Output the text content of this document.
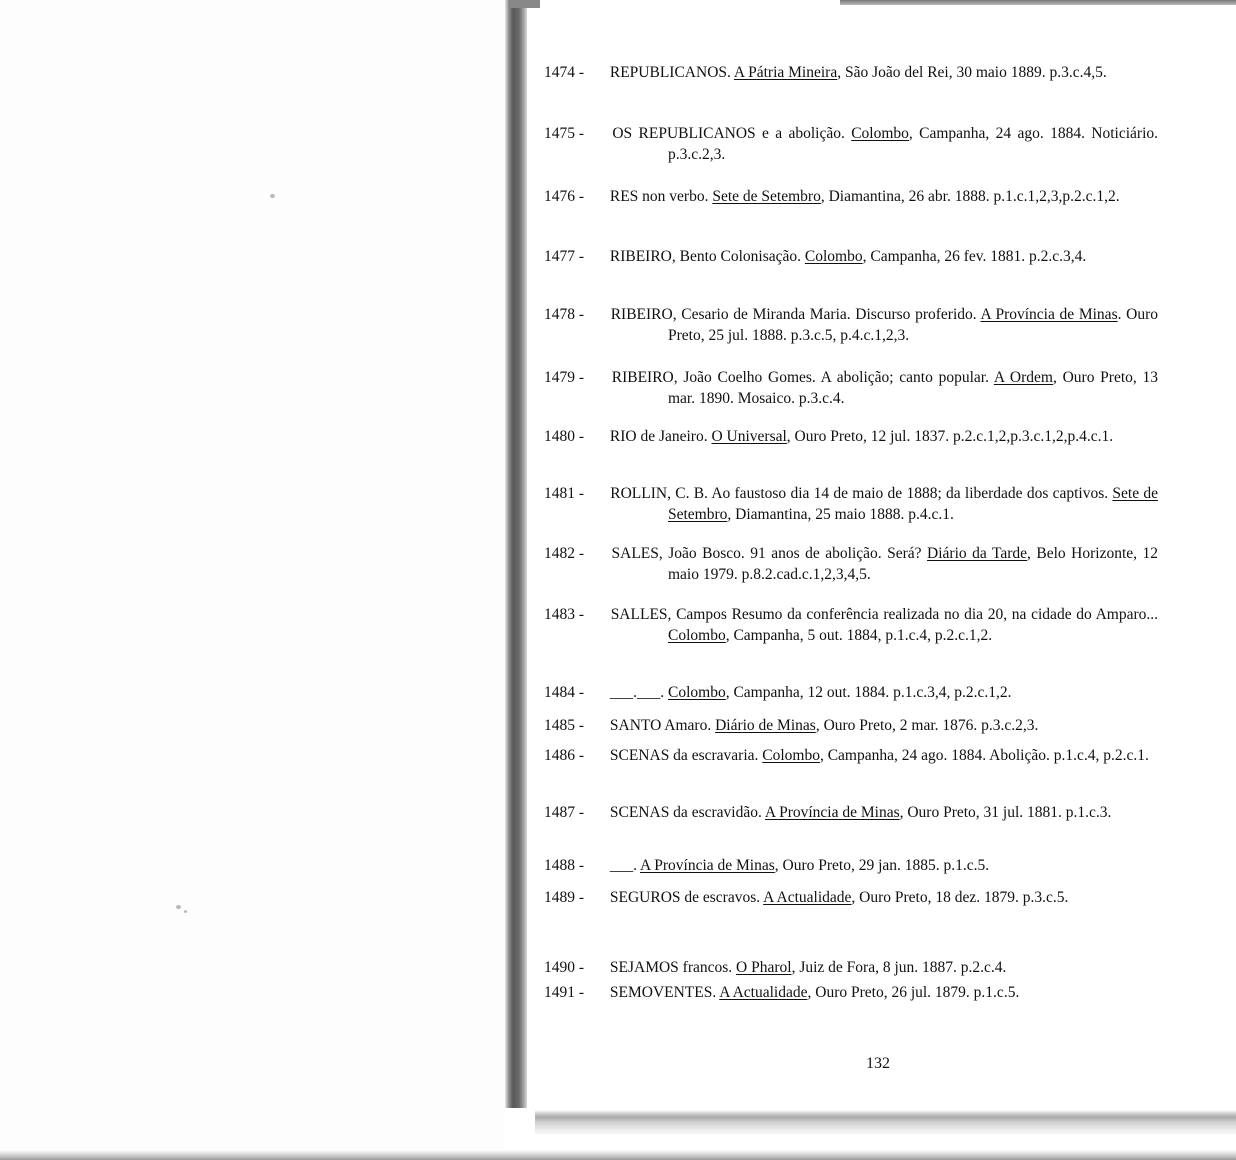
1474 - REPUBLICANOS. A Pátria Mineira, São João del Rei, 30 maio 1889. p.3.c.4,5.
1475 - OS REPUBLICANOS e a abolição. Colombo, Campanha, 24 ago. 1884. Noticiário. p.3.c.2,3.
1476 - RES non verbo. Sete de Setembro, Diamantina, 26 abr. 1888. p.1.c.1,2,3,p.2.c.1,2.
1477 - RIBEIRO, Bento Colonisação. Colombo, Campanha, 26 fev. 1881. p.2.c.3,4.
1478 - RIBEIRO, Cesario de Miranda Maria. Discurso proferido. A Província de Minas. Ouro Preto, 25 jul. 1888. p.3.c.5, p.4.c.1,2,3.
1479 - RIBEIRO, João Coelho Gomes. A abolição; canto popular. A Ordem, Ouro Preto, 13 mar. 1890. Mosaico. p.3.c.4.
1480 - RIO de Janeiro. O Universal, Ouro Preto, 12 jul. 1837. p.2.c.1,2,p.3.c.1,2,p.4.c.1.
1481 - ROLLIN, C. B. Ao faustoso dia 14 de maio de 1888; da liberdade dos captivos. Sete de Setembro, Diamantina, 25 maio 1888. p.4.c.1.
1482 - SALES, João Bosco. 91 anos de abolição. Será? Diário da Tarde, Belo Horizonte, 12 maio 1979. p.8.2.cad.c.1,2,3,4,5.
1483 - SALLES, Campos Resumo da conferência realizada no dia 20, na cidade do Amparo... Colombo, Campanha, 5 out. 1884, p.1.c.4, p.2.c.1,2.
1484 - ___.___. Colombo, Campanha, 12 out. 1884. p.1.c.3,4, p.2.c.1,2.
1485 - SANTO Amaro. Diário de Minas, Ouro Preto, 2 mar. 1876. p.3.c.2,3.
1486 - SCENAS da escravaria. Colombo, Campanha, 24 ago. 1884. Abolição. p.1.c.4, p.2.c.1.
1487 - SCENAS da escravidão. A Província de Minas, Ouro Preto, 31 jul. 1881. p.1.c.3.
1488 - ___. A Província de Minas, Ouro Preto, 29 jan. 1885. p.1.c.5.
1489 - SEGUROS de escravos. A Actualidade, Ouro Preto, 18 dez. 1879. p.3.c.5.
1490 - SEJAMOS francos. O Pharol, Juiz de Fora, 8 jun. 1887. p.2.c.4.
1491 - SEMOVENTES. A Actualidade, Ouro Preto, 26 jul. 1879. p.1.c.5.
132
